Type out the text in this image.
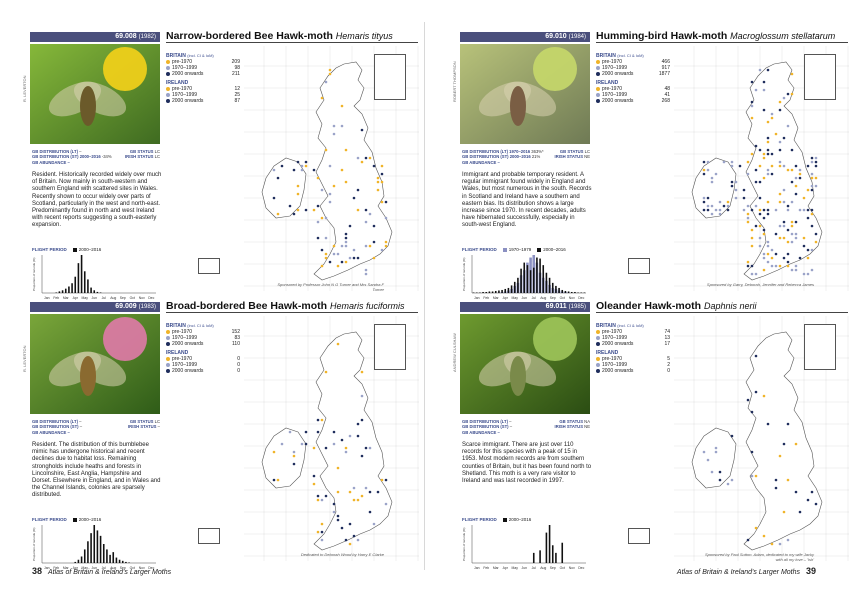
69.008 (1982) Narrow-bordered Bee Hawk-moth Hemaris tityus
R. LEVERTON
BRITAIN (incl. CI & IoM)
pre-1970	209
1970–1999	98
2000 onwards	211
IRELAND
pre-1970	12
1970–1999	25
2000 onwards	87
GB DISTRIBUTION (LT) –	GB STATUS LC
GB DISTRIBUTION (ST) 2000–2016 -34%	IRISH STATUS LC
GB ABUNDANCE –
Resident. Historically recorded widely over much of Britain. Now mainly in south-western and southern England with scattered sites in Wales. Recently shown to occur widely over parts of Scotland, particularly in the west and north-east. Predominantly found in north and west Ireland with recent reports suggesting a south-easterly expansion.
FLIGHT PERIOD	2000–2016
Proportion of records (%)
Jan Feb Mar Apr May Jun Jul Aug Sep Oct Nov Dec
Sponsored by Professor John N G Turner and Mrs Sandra F Turner
69.009 (1983) Broad-bordered Bee Hawk-moth Hemaris fuciformis
R. LEVERTON
BRITAIN (incl. CI & IoM)
pre-1970	152
1970–1999	83
2000 onwards	110
IRELAND
pre-1970	0
1970–1999	0
2000 onwards	0
GB DISTRIBUTION (LT) –	GB STATUS LC
GB DISTRIBUTION (ST) –	IRISH STATUS –
GB ABUNDANCE –
Resident. The distribution of this bumblebee mimic has undergone historical and recent declines due to habitat loss. Remaining strongholds include heaths and forests in Lincolnshire, East Anglia, Hampshire and Dorset. Elsewhere in England, and in Wales and the Channel Islands, colonies are sparsely distributed.
FLIGHT PERIOD	2000–2016
Proportion of records (%)
Jan Feb Mar Apr May Jun Jul Aug Sep Oct Nov Dec
Dedicated to Deborah Wood by Harry E Clarke
38 Atlas of Britain & Ireland's Larger Moths
69.010 (1984) Humming-bird Hawk-moth Macroglossum stellatarum
ROBERT THOMPSON
BRITAIN (incl. CI & IoM)
pre-1970	466
1970–1999	917
2000 onwards	1877
IRELAND
pre-1970	48
1970–1999	41
2000 onwards	268
GB DISTRIBUTION (LT) 1970–2016 363%*	GB STATUS LC
GB DISTRIBUTION (ST) 2000–2016 21%	IRISH STATUS NE
GB ABUNDANCE –
Immigrant and probable temporary resident. A regular immigrant found widely in England and Wales, but most numerous in the south. Records in Scotland and Ireland have a southern and eastern bias. Its distribution shows a large increase since 1970. In recent decades, adults have hibernated successfully, especially in south-west England.
FLIGHT PERIOD	1970–1979	2000–2016
Proportion of records (%)
Jan Feb Mar Apr May Jun Jul Aug Sep Oct Nov Dec
Sponsored by Garry, Deborah, Jennifer and Rebecca James
69.011 (1985) Oleander Hawk-moth Daphnis nerii
ANDREW CULSHAW
BRITAIN (incl. CI & IoM)
pre-1970	74
1970–1999	13
2000 onwards	17
IRELAND
pre-1970	5
1970–1999	2
2000 onwards	0
GB DISTRIBUTION (LT) –	GB STATUS NA
GB DISTRIBUTION (ST) –	IRISH STATUS NE
GB ABUNDANCE –
Scarce immigrant. There are just over 110 records for this species with a peak of 15 in 1953. Most modern records are from southern counties of Britain, but it has been found north to Shetland. This moth is a very rare visitor to Ireland and was last recorded in 1997.
FLIGHT PERIOD	2000–2016
Proportion of records (%)
Jan Feb Mar Apr May Jun Jul Aug Sep Oct Nov Dec
Sponsored by Paul Sutton. Adam, dedicated to my wife Jacky with all my love – 'Ish'
Atlas of Britain & Ireland's Larger Moths 39
